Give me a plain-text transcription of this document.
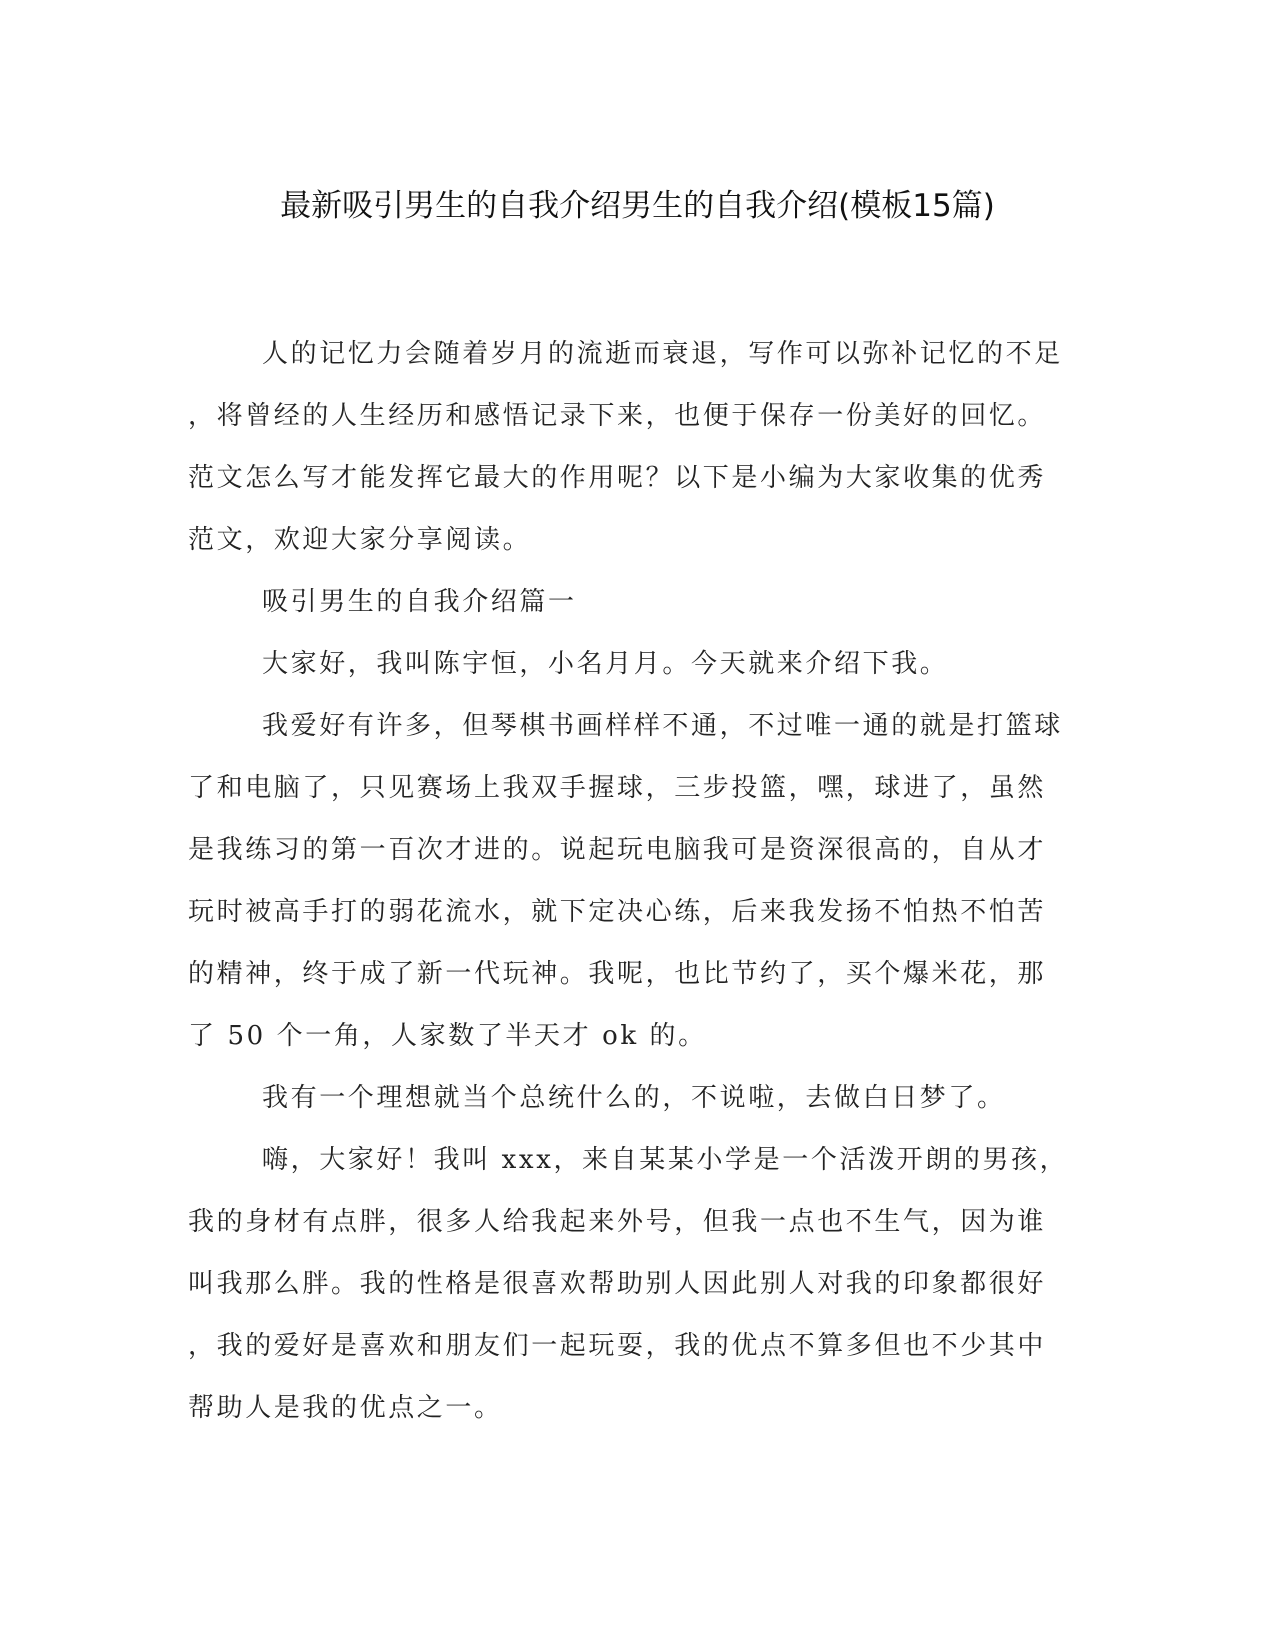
最新吸引男生的自我介绍男生的自我介绍(模板15篇)
人的记忆力会随着岁月的流逝而衰退，写作可以弥补记忆的不足
，将曾经的人生经历和感悟记录下来，也便于保存一份美好的回忆。
范文怎么写才能发挥它最大的作用呢？以下是小编为大家收集的优秀
范文，欢迎大家分享阅读。
吸引男生的自我介绍篇一
大家好，我叫陈宇恒，小名月月。今天就来介绍下我。
我爱好有许多，但琴棋书画样样不通，不过唯一通的就是打篮球
了和电脑了，只见赛场上我双手握球，三步投篮，嘿，球进了，虽然
是我练习的第一百次才进的。说起玩电脑我可是资深很高的，自从才
玩时被高手打的弱花流水，就下定决心练，后来我发扬不怕热不怕苦
的精神，终于成了新一代玩神。我呢，也比节约了，买个爆米花，那
了 50 个一角，人家数了半天才 ok 的。
我有一个理想就当个总统什么的，不说啦，去做白日梦了。
嗨，大家好！我叫 xxx，来自某某小学是一个活泼开朗的男孩，
我的身材有点胖，很多人给我起来外号，但我一点也不生气，因为谁
叫我那么胖。我的性格是很喜欢帮助别人因此别人对我的印象都很好
，我的爱好是喜欢和朋友们一起玩耍，我的优点不算多但也不少其中
帮助人是我的优点之一。
